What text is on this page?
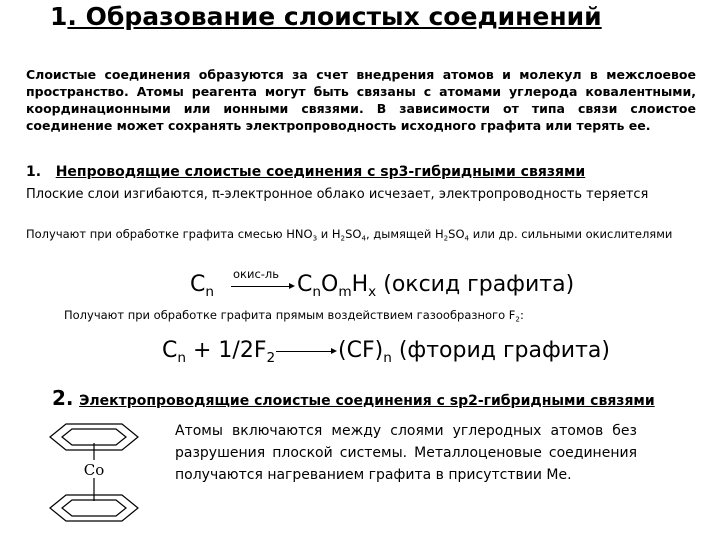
1. Образование слоистых соединений
Слоистые соединения образуются за счет внедрения атомов и молекул в межслоевое пространство. Атомы реагента могут быть связаны с атомами углерода ковалентными, координационными или ионными связями. В зависимости от типа связи слоистое соединение может сохранять электропроводность исходного графита или терять ее.
1. Непроводящие слоистые соединения с sp3-гибридными связями
Плоские слои изгибаются, π-электронное облако исчезает, электропроводность теряется
Получают при обработке графита смесью $HNO_3$ и $H_2SO_4$, дымящей $H_2SO_4$ или др. сильными окислителями
$C_n$
окис-ль $C_nO_mH_x$ (оксид графита)
Получают при обработке графита прямым воздействием газообразного $F_2$:
$C_n + 1/2F_2$	$(CF)_n$ (фторид графита)
2. Электропроводящие слоистые соединения с sp2-гибридными связями
Co
Атомы включаются между слоями углеродных атомов без разрушения плоской системы. Металлоценовые соединения получаются нагреванием графита в присутствии Me.
